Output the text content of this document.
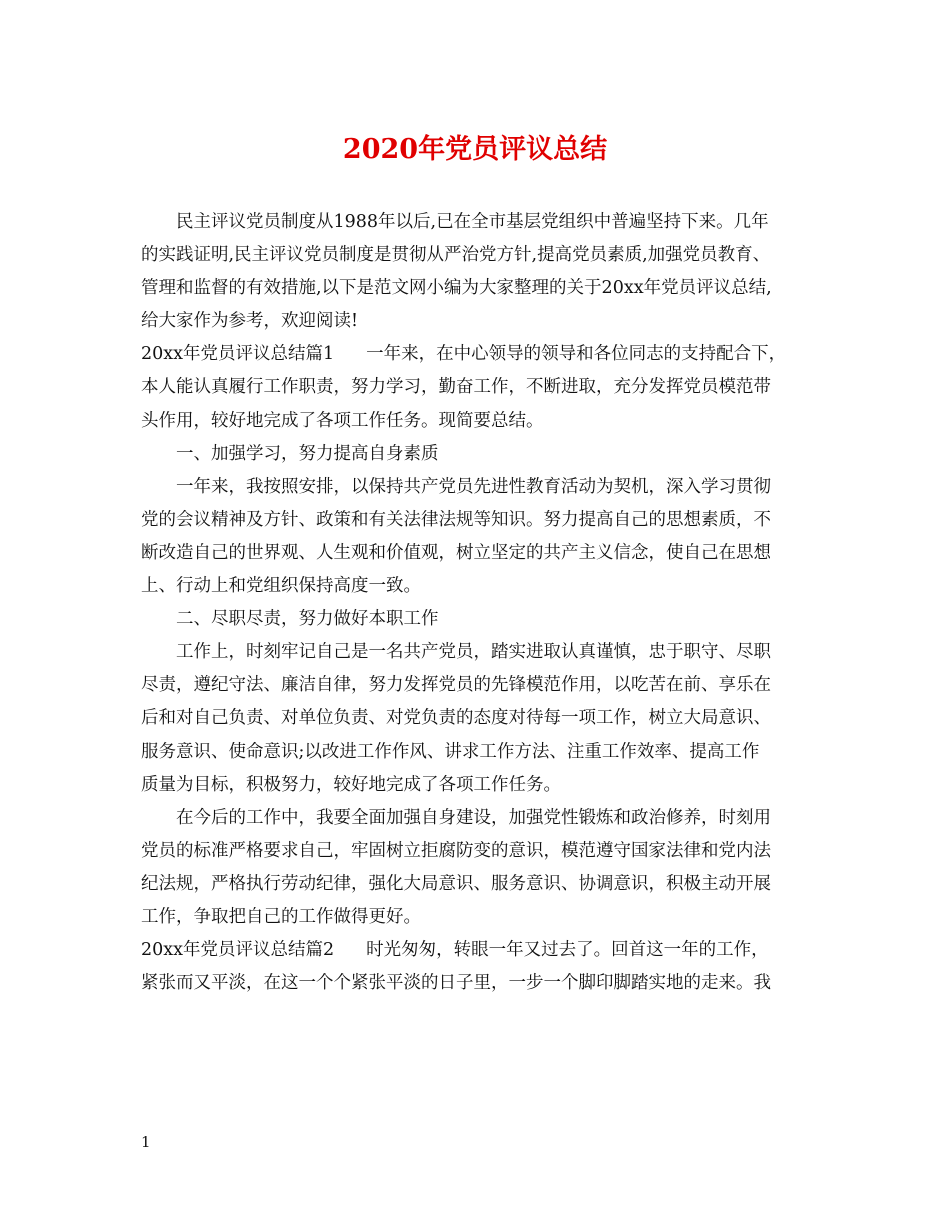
2020年党员评议总结
民主评议党员制度从1988年以后,已在全市基层党组织中普遍坚持下来。几年
的实践证明,民主评议党员制度是贯彻从严治党方针,提高党员素质,加强党员教育、
管理和监督的有效措施,以下是范文网小编为大家整理的关于20xx年党员评议总结,
给大家作为参考，欢迎阅读!
20xx年党员评议总结篇1 一年来，在中心领导的领导和各位同志的支持配合下，
本人能认真履行工作职责，努力学习，勤奋工作，不断进取，充分发挥党员模范带
头作用，较好地完成了各项工作任务。现简要总结。
一、加强学习，努力提高自身素质
一年来，我按照安排，以保持共产党员先进性教育活动为契机，深入学习贯彻
党的会议精神及方针、政策和有关法律法规等知识。努力提高自己的思想素质，不
断改造自己的世界观、人生观和价值观，树立坚定的共产主义信念，使自己在思想
上、行动上和党组织保持高度一致。
二、尽职尽责，努力做好本职工作
工作上，时刻牢记自己是一名共产党员，踏实进取认真谨慎，忠于职守、尽职
尽责，遵纪守法、廉洁自律，努力发挥党员的先锋模范作用，以吃苦在前、享乐在
后和对自己负责、对单位负责、对党负责的态度对待每一项工作，树立大局意识、
服务意识、使命意识;以改进工作作风、讲求工作方法、注重工作效率、提高工作
质量为目标，积极努力，较好地完成了各项工作任务。
在今后的工作中，我要全面加强自身建设，加强党性锻炼和政治修养，时刻用
党员的标准严格要求自己，牢固树立拒腐防变的意识，模范遵守国家法律和党内法
纪法规，严格执行劳动纪律，强化大局意识、服务意识、协调意识，积极主动开展
工作，争取把自己的工作做得更好。
20xx年党员评议总结篇2 时光匆匆，转眼一年又过去了。回首这一年的工作，
紧张而又平淡，在这一个个紧张平淡的日子里，一步一个脚印脚踏实地的走来。我
1
